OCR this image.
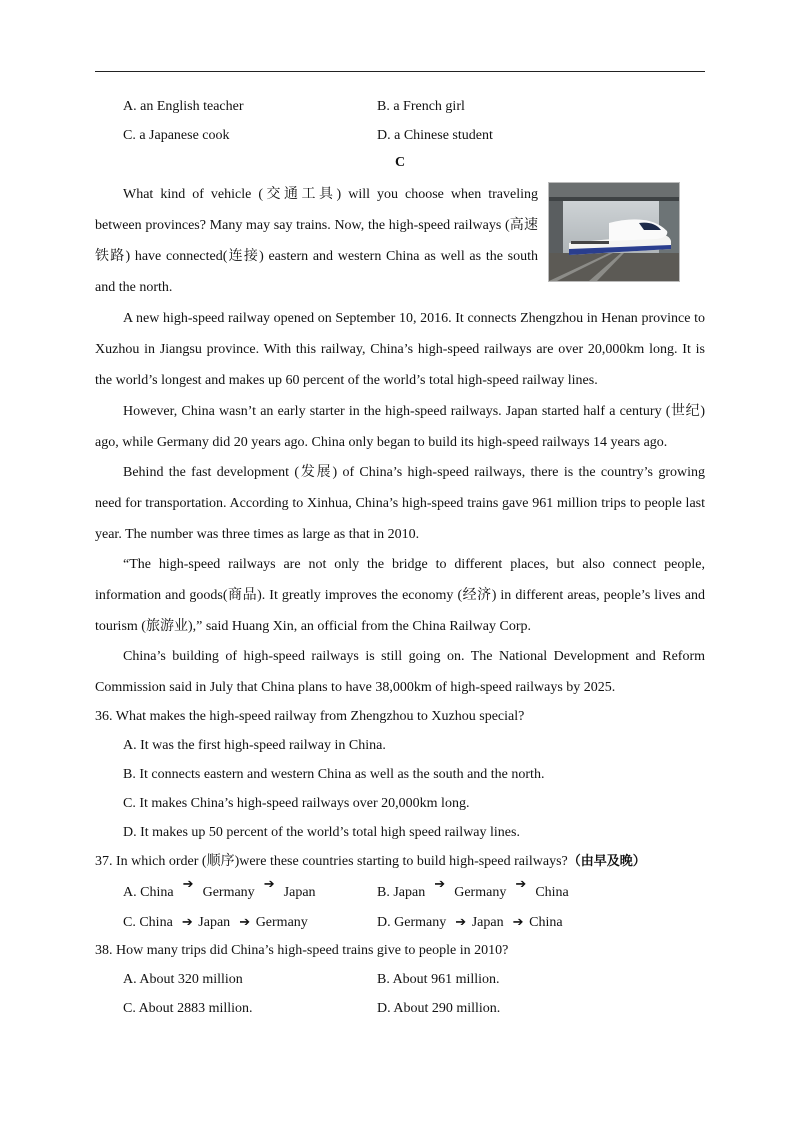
A. an English teacher	B. a French girl
C. a Japanese cook	D. a Chinese student
C

What kind of vehicle (交通工具) will you choose when traveling between provinces? Many may say trains. Now, the high-speed railways (高速铁路) have connected(连接) eastern and western China as well as the south and the north.

A new high-speed railway opened on September 10, 2016. It connects Zhengzhou in Henan province to Xuzhou in Jiangsu province. With this railway, China’s high-speed railways are over 20,000km long. It is the world’s longest and makes up 60 percent of the world’s total high-speed railway lines.

However, China wasn’t an early starter in the high-speed railways. Japan started half a century (世纪) ago, while Germany did 20 years ago. China only began to build its high-speed railways 14 years ago.

Behind the fast development (发展) of China’s high-speed railways, there is the country’s growing need for transportation. According to Xinhua, China’s high-speed trains gave 961 million trips to people last year. The number was three times as large as that in 2010.

“The high-speed railways are not only the bridge to different places, but also connect people, information and goods(商品). It greatly improves the economy (经济) in different areas, people’s lives and tourism (旅游业),” said Huang Xin, an official from the China Railway Corp.

China’s building of high-speed railways is still going on. The National Development and Reform Commission said in July that China plans to have 38,000km of high-speed railways by 2025.

36. What makes the high-speed railway from Zhengzhou to Xuzhou special?
A. It was the first high-speed railway in China.
B. It connects eastern and western China as well as the south and the north.
C. It makes China’s high-speed railways over 20,000km long.
D. It makes up 50 percent of the world’s total high speed railway lines.
37. In which order (顺序)were these countries starting to build high-speed railways?（由早及晚）
A. China ➔ Germany ➔ Japan	B. Japan ➔ Germany ➔ China
C. China ➔ Japan ➔ Germany	D. Germany ➔ Japan ➔ China
38. How many trips did China’s high-speed trains give to people in 2010?
A. About 320 million	B. About 961 million.
C. About 2883 million.	D. About 290 million.
